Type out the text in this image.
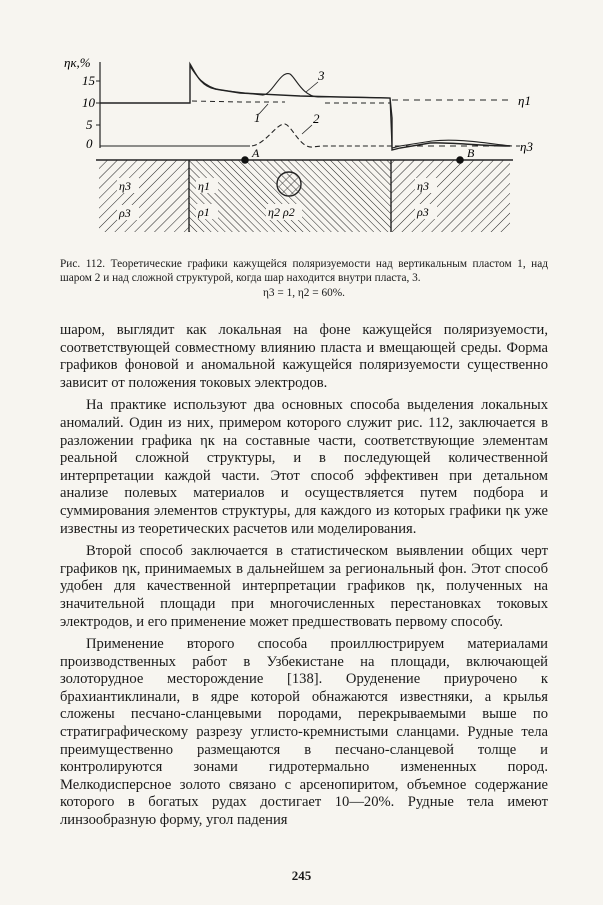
ηк,%
15
10
5
0
3
1	2
η1
η3
η3
ρ3
η1
ρ1	η2 ρ2
η3
ρ3
A	B
Рис. 112. Теоретические графики кажущейся поляризуемости над вертикальным пластом 1, над шаром 2 и над сложной структурой, когда шар находится внутри пласта, 3.
η3 = 1, η2 = 60%.

шаром, выглядит как локальная на фоне кажущейся поляризуемости, соответствующей совместному влиянию пласта и вмещающей среды. Форма графиков фоновой и аномальной кажущейся поляризуемости существенно зависит от положения токовых электродов.

На практике используют два основных способа выделения локальных аномалий. Один из них, примером которого служит рис. 112, заключается в разложении графика ηк на составные части, соответствующие элементам реальной сложной структуры, и в последующей количественной интерпретации каждой части. Этот способ эффективен при детальном анализе полевых материалов и осуществляется путем подбора и суммирования элементов структуры, для каждого из которых графики ηк уже известны из теоретических расчетов или моделирования.

Второй способ заключается в статистическом выявлении общих черт графиков ηк, принимаемых в дальнейшем за региональный фон. Этот способ удобен для качественной интерпретации графиков ηк, полученных на значительной площади при многочисленных перестановках токовых электродов, и его применение может предшествовать первому способу.

Применение второго способа проиллюстрируем материалами производственных работ в Узбекистане на площади, включающей золоторудное месторождение [138]. Оруденение приурочено к брахиантиклинали, в ядре которой обнажаются известняки, а крылья сложены песчано-сланцевыми породами, перекрываемыми выше по стратиграфическому разрезу углисто-кремнистыми сланцами. Рудные тела преимущественно размещаются в песчано-сланцевой толще и контролируются зонами гидротермально измененных пород. Мелкодисперсное золото связано с арсенопиритом, объемное содержание которого в богатых рудах достигает 10—20%. Рудные тела имеют линзообразную форму, угол падения

245
